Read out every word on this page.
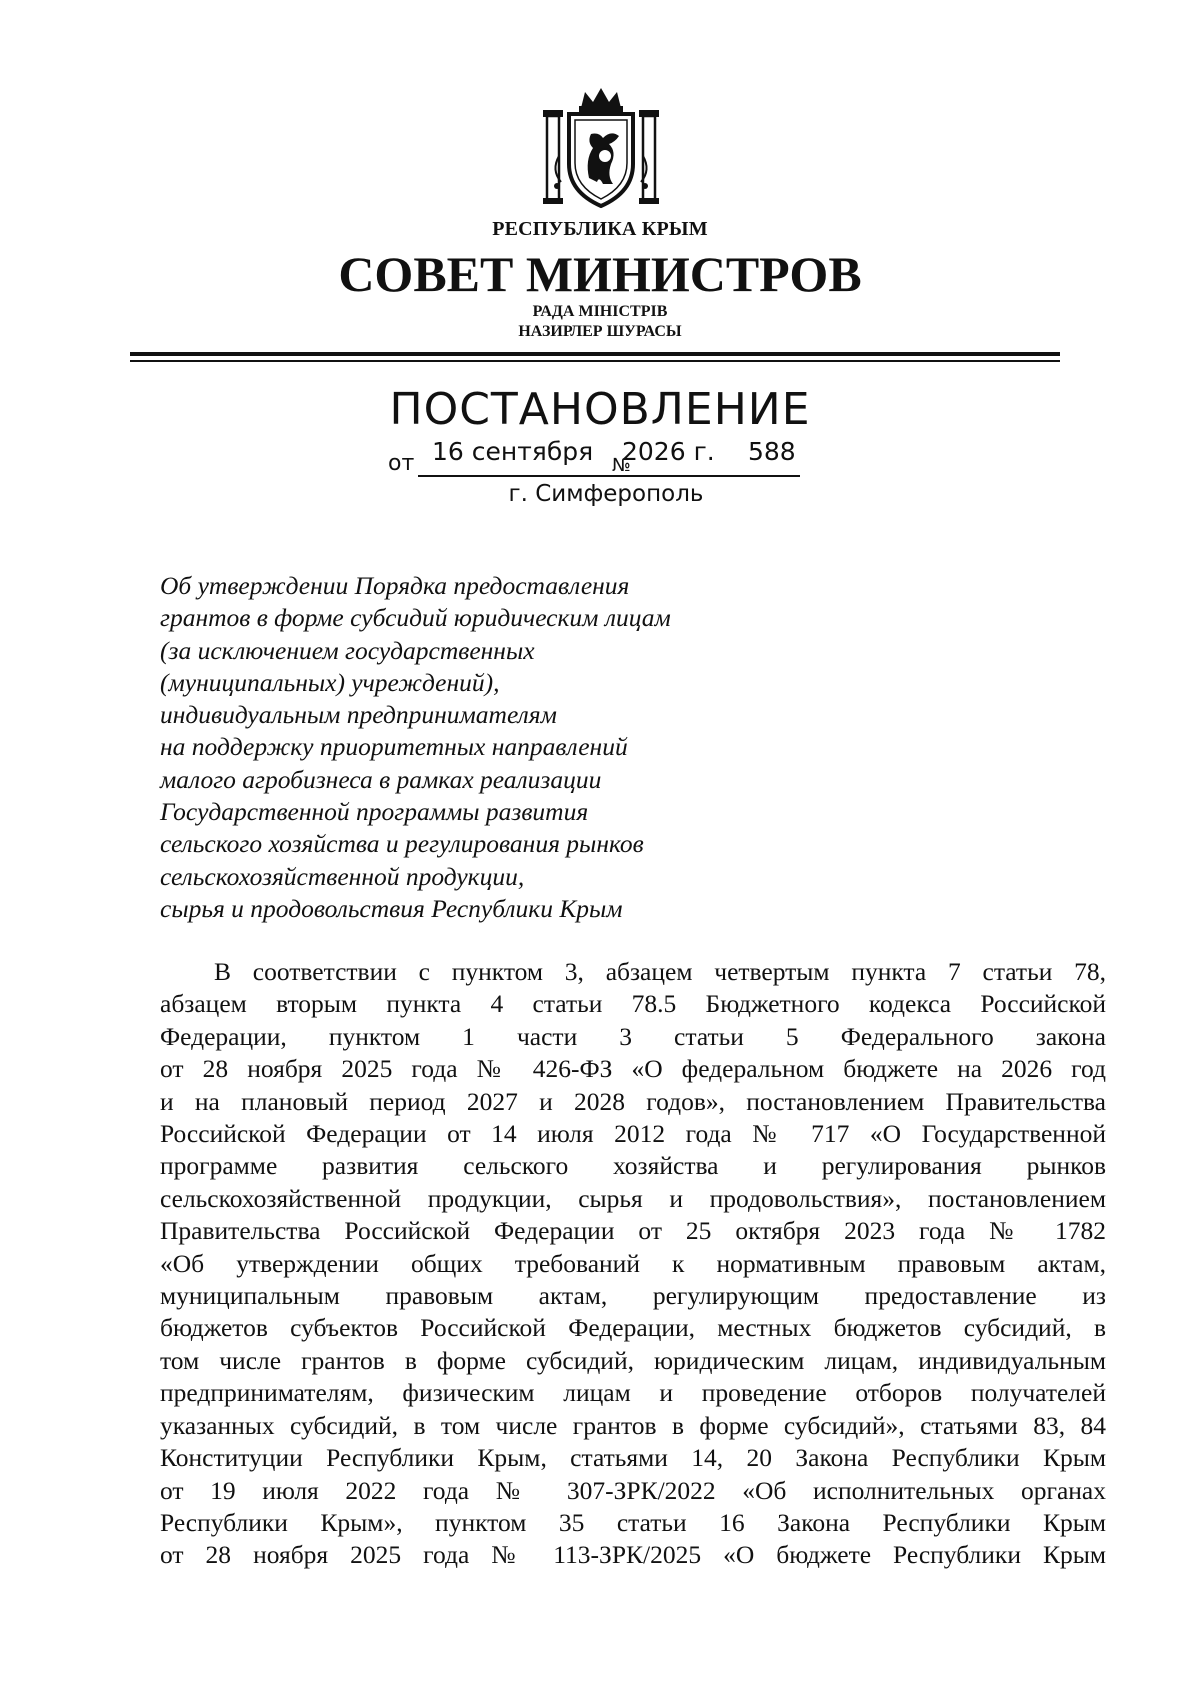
РЕСПУБЛИКА КРЫМ
СОВЕТ МИНИСТРОВ
РАДА МІНІСТРІВ
НАЗИРЛЕР ШУРАСЫ
ПОСТАНОВЛЕНИЕ
от 16 сентября №
2026 г. 588
г. Симферополь
Об утверждении Порядка предоставления
грантов в форме субсидий юридическим лицам
(за исключением государственных
(муниципальных) учреждений),
индивидуальным предпринимателям
на поддержку приоритетных направлений
малого агробизнеса в рамках реализации
Государственной программы развития
сельского хозяйства и регулирования рынков
сельскохозяйственной продукции,
сырья и продовольствия Республики Крым
В соответствии с пунктом 3, абзацем четвертым пункта 7 статьи 78,
абзацем вторым пункта 4 статьи 78.5 Бюджетного кодекса Российской
Федерации, пунктом 1 части 3 статьи 5 Федерального закона
от 28 ноября 2025 года № 426-ФЗ «О федеральном бюджете на 2026 год
и на плановый период 2027 и 2028 годов», постановлением Правительства
Российской Федерации от 14 июля 2012 года № 717 «О Государственной
программе развития сельского хозяйства и регулирования рынков
сельскохозяйственной продукции, сырья и продовольствия», постановлением
Правительства Российской Федерации от 25 октября 2023 года № 1782
«Об утверждении общих требований к нормативным правовым актам,
муниципальным правовым актам, регулирующим предоставление из
бюджетов субъектов Российской Федерации, местных бюджетов субсидий, в
том числе грантов в форме субсидий, юридическим лицам, индивидуальным
предпринимателям, физическим лицам и проведение отборов получателей
указанных субсидий, в том числе грантов в форме субсидий», статьями 83, 84
Конституции Республики Крым, статьями 14, 20 Закона Республики Крым
от 19 июля 2022 года № 307-ЗРК/2022 «Об исполнительных органах
Республики Крым», пунктом 35 статьи 16 Закона Республики Крым
от 28 ноября 2025 года № 113-ЗРК/2025 «О бюджете Республики Крым
